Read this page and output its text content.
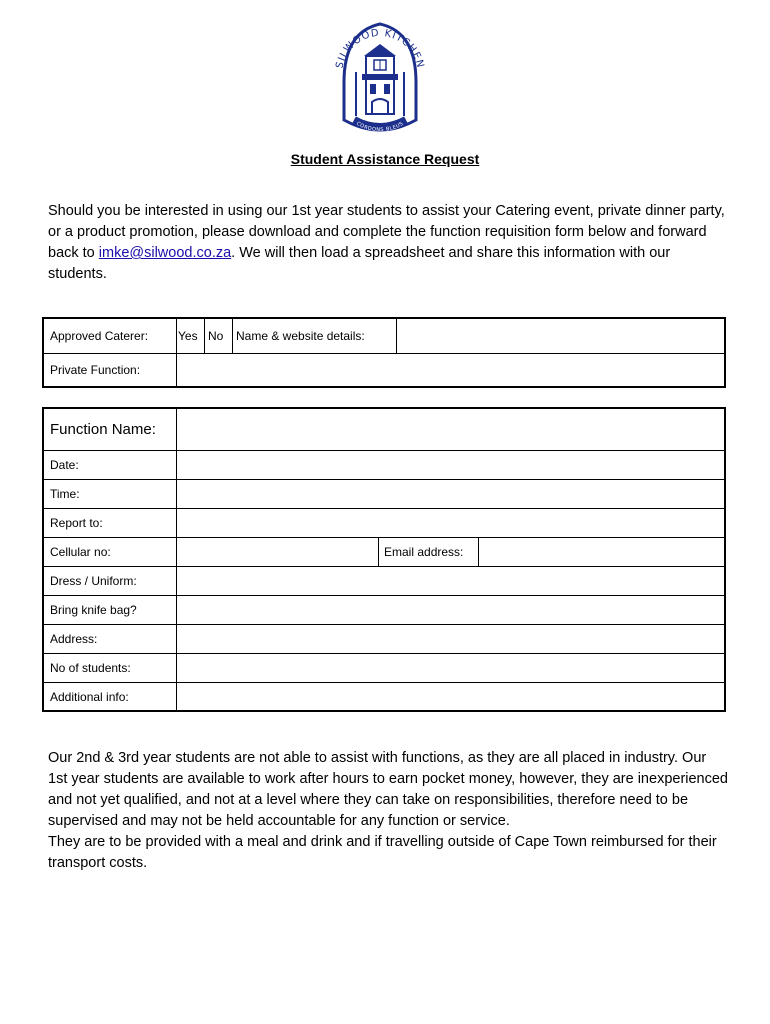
SILWOOD KITCHEN
CORDONS BLEUS
Student Assistance Request
Should you be interested in using our 1st year students to assist your Catering event, private dinner party, or a product promotion, please download and complete the function requisition form below and forward back to imke@silwood.co.za. We will then load a spreadsheet and share this information with our students.
Approved Caterer:	Yes No	Name & website details:
Private Function:
Function Name:
Date:
Time:
Report to:
Cellular no:	Email address:
Dress / Uniform:
Bring knife bag?
Address:
No of students:
Additional info:

Our 2nd & 3rd year students are not able to assist with functions, as they are all placed in industry. Our 1st year students are available to work after hours to earn pocket money, however, they are inexperienced and not yet qualified, and not at a level where they can take on responsibilities, therefore need to be supervised and may not be held accountable for any function or service.

They are to be provided with a meal and drink and if travelling outside of Cape Town reimbursed for their transport costs.
